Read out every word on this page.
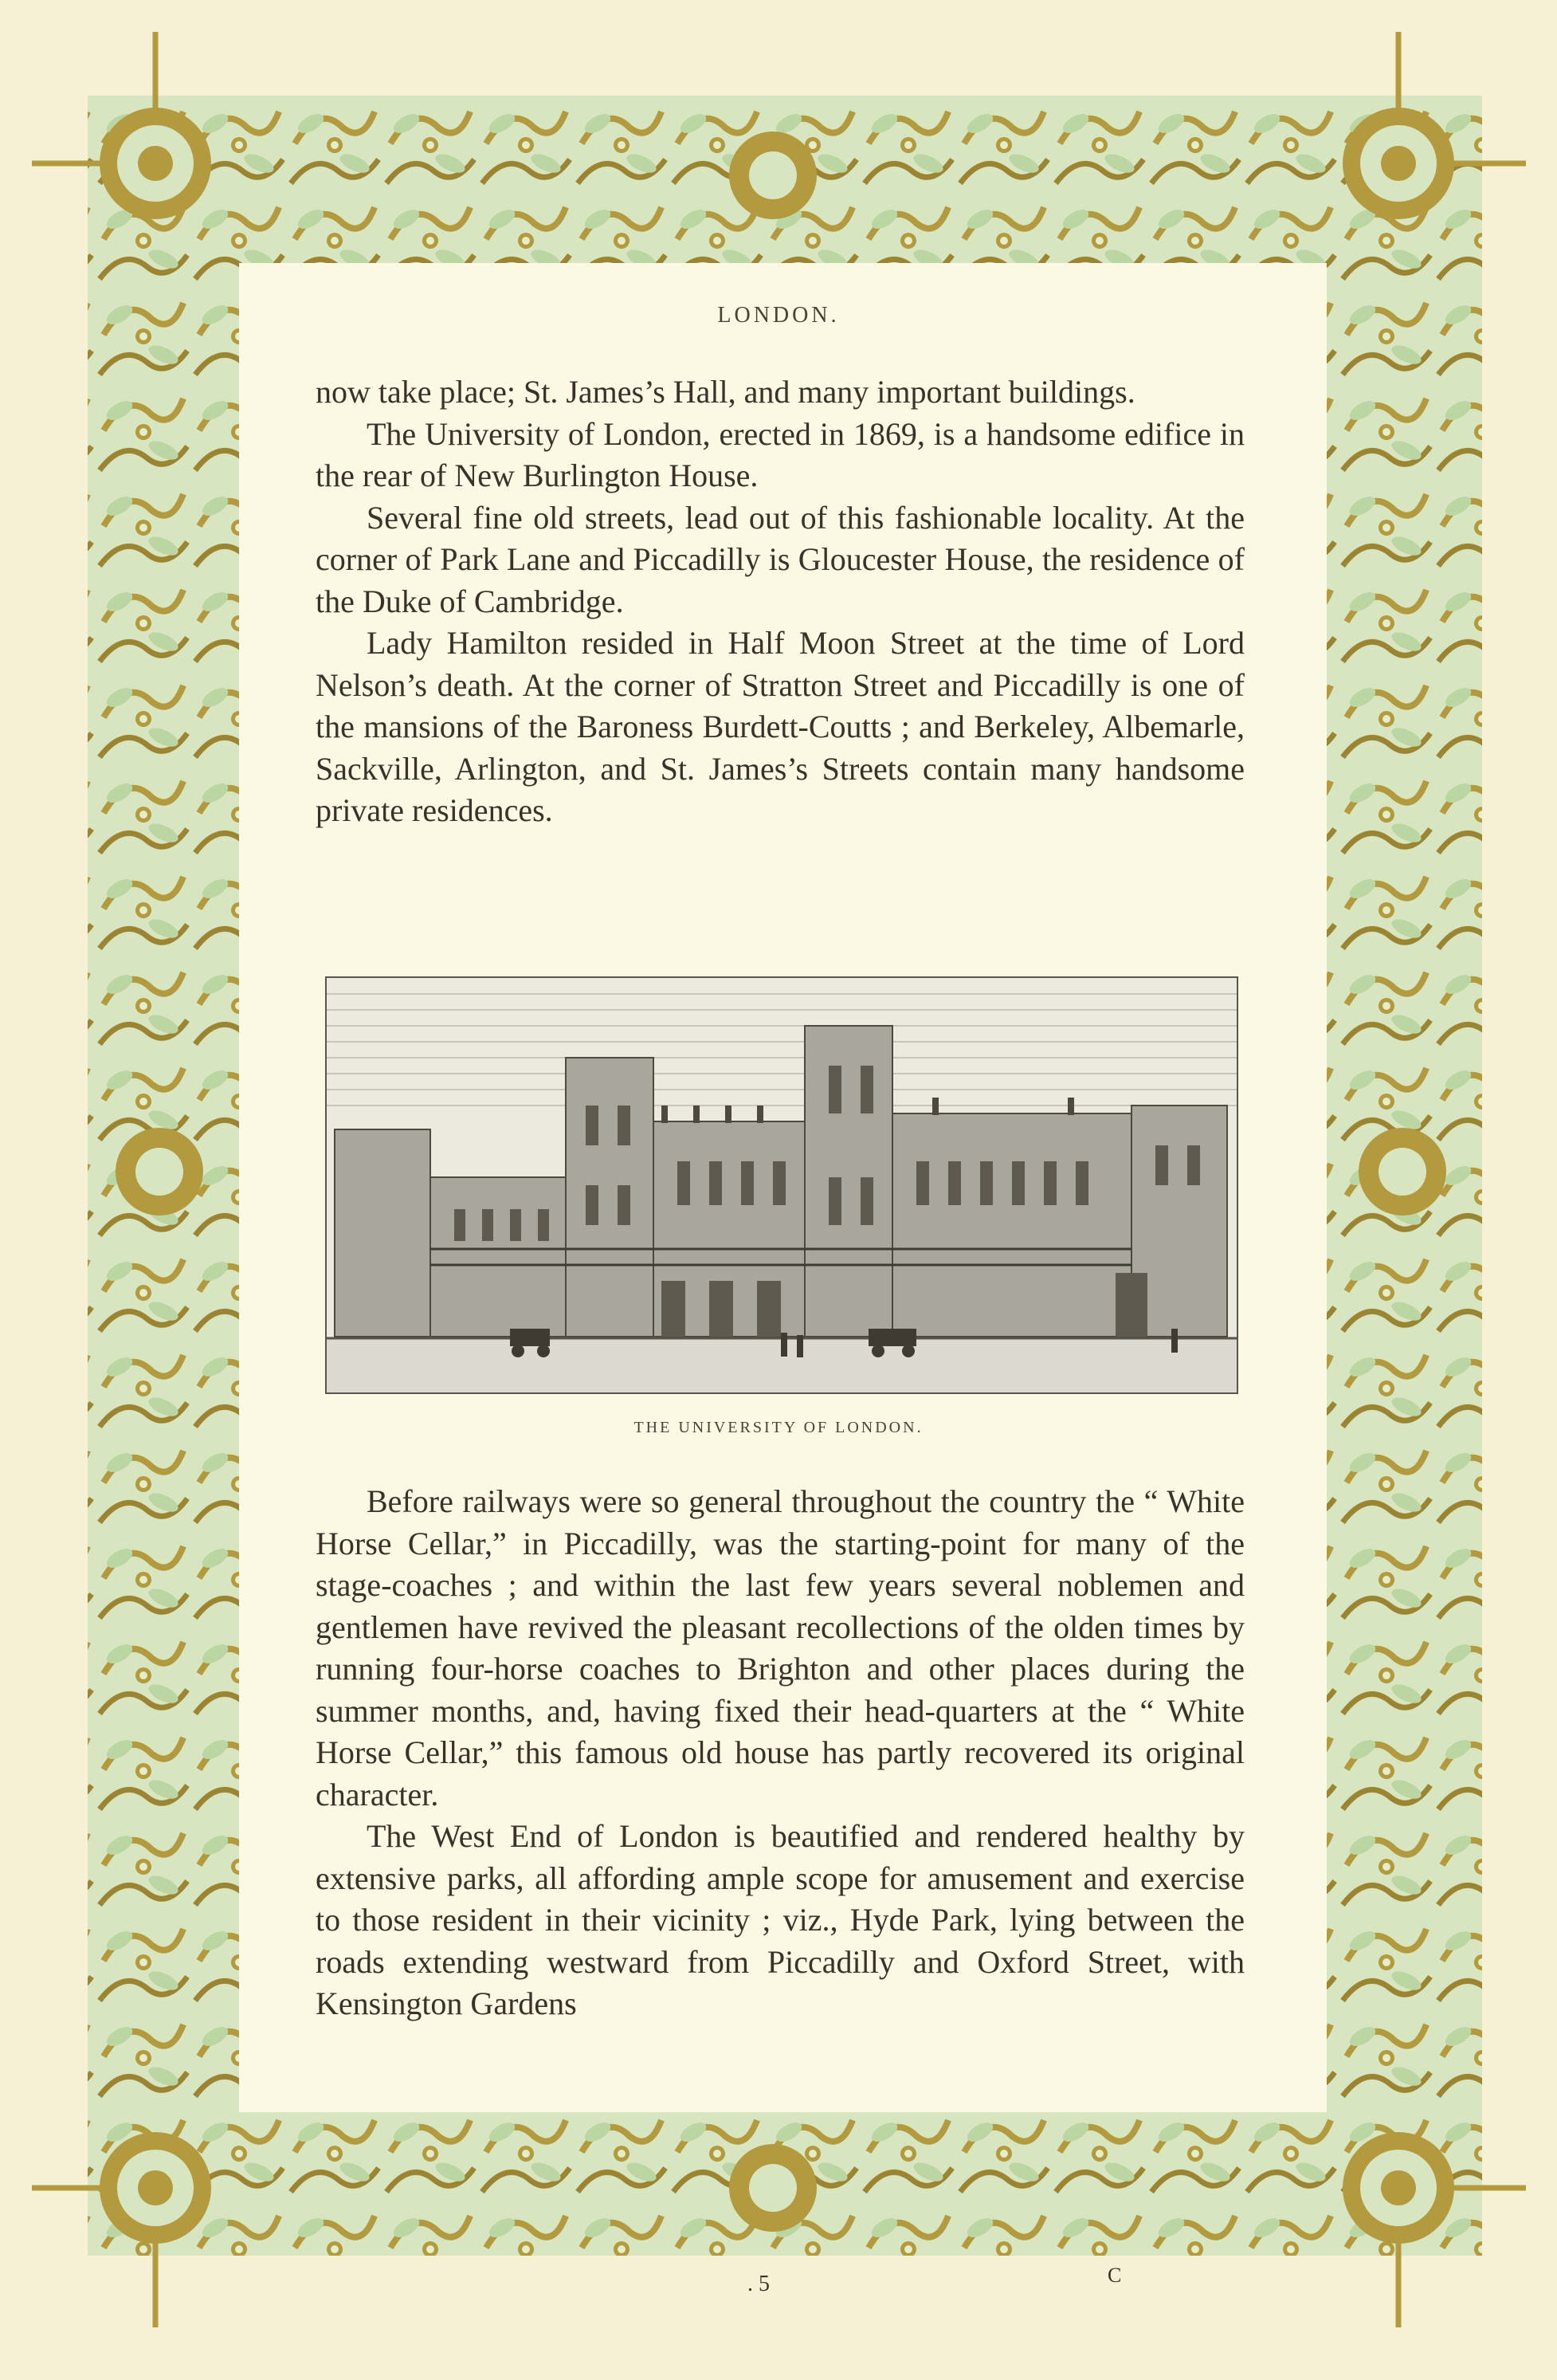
LONDON.

now take place; St. James’s Hall, and many important buildings.

The University of London, erected in 1869, is a handsome edifice in the rear of New Burlington House.

Several fine old streets, lead out of this fashionable locality. At the corner of Park Lane and Piccadilly is Gloucester House, the residence of the Duke of Cambridge.

Lady Hamilton resided in Half Moon Street at the time of Lord Nelson’s death. At the corner of Stratton Street and Piccadilly is one of the mansions of the Baroness Burdett-Coutts ; and Berkeley, Albemarle, Sackville, Arlington, and St. James’s Streets contain many handsome private residences.

THE UNIVERSITY OF LONDON.

Before railways were so general throughout the country the “ White Horse Cellar,” in Piccadilly, was the starting-point for many of the stage-coaches ; and within the last few years several noblemen and gentlemen have revived the pleasant recollections of the olden times by running four-horse coaches to Brighton and other places during the summer months, and, having fixed their head-quarters at the “ White Horse Cellar,” this famous old house has partly recovered its original character.

The West End of London is beautified and rendered healthy by extensive parks, all affording ample scope for amusement and exercise to those resident in their vicinity ; viz., Hyde Park, lying between the roads extending westward from Piccadilly and Oxford Street, with Kensington Gardens

. 5	C
